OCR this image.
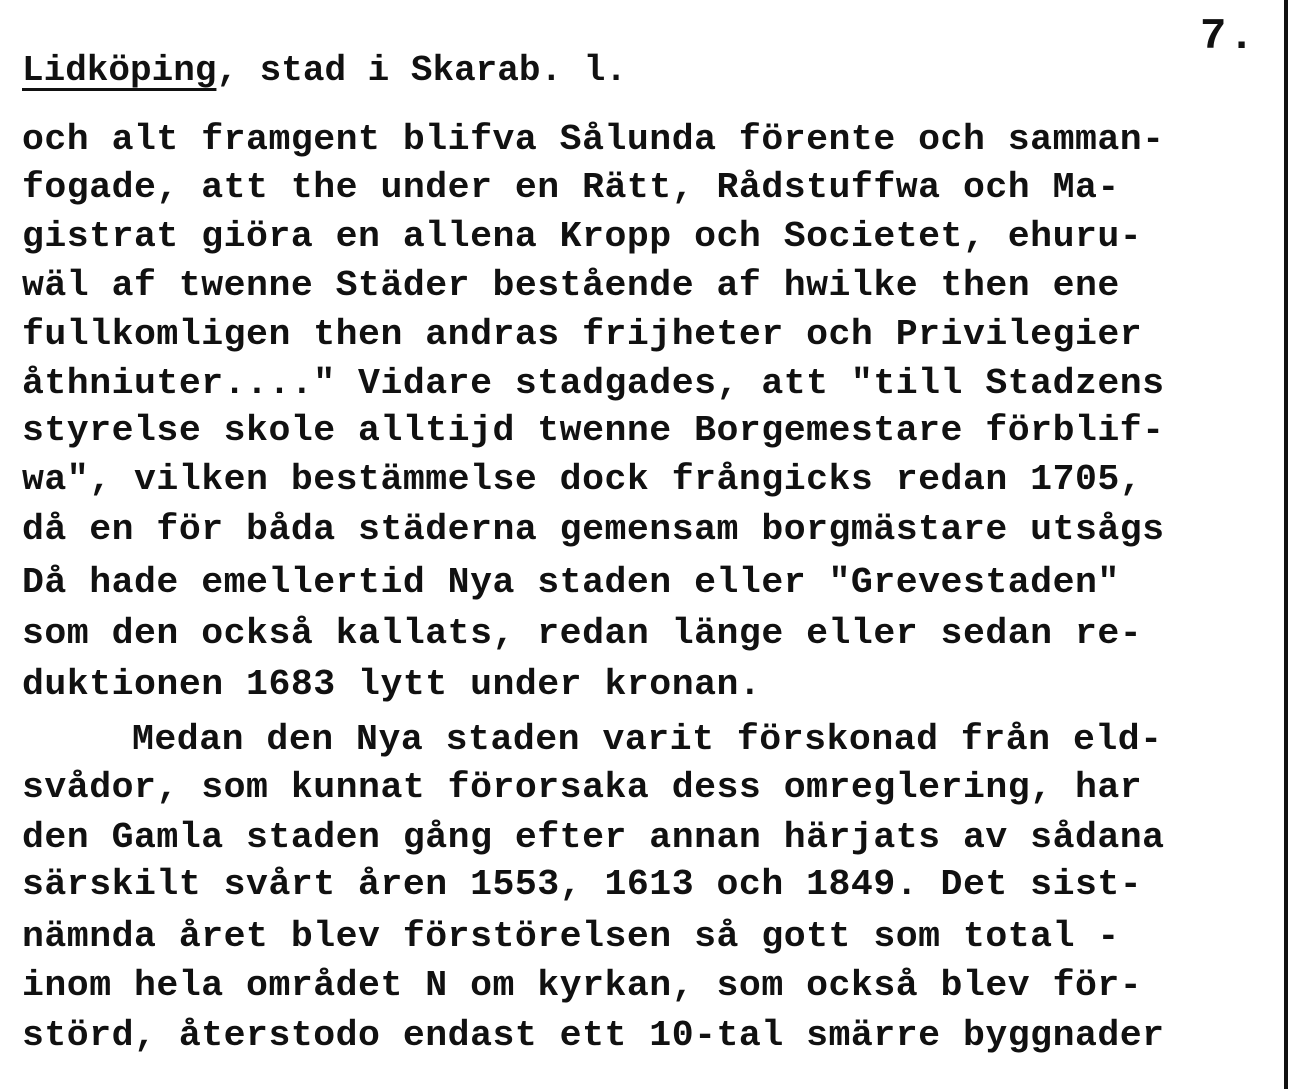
7.
Lidköping, stad i Skarab. l.
och alt framgent blifva Sålunda förente och samman-
fogade, att the under en Rätt, Rådstuffwa och Ma-
gistrat giöra en allena Kropp och Societet, ehuru-
wäl af twenne Städer bestående af hwilke then ene
fullkomligen then andras frijheter och Privilegier
åthniuter...." Vidare stadgades, att "till Stadzens
styrelse skole alltijd twenne Borgemestare förblif-
wa", vilken bestämmelse dock frångicks redan 1705,
då en för båda städerna gemensam borgmästare utsågs
Då hade emellertid Nya staden eller "Grevestaden"
som den också kallats, redan länge eller sedan re-
duktionen 1683 lytt under kronan.
Medan den Nya staden varit förskonad från eld-
svådor, som kunnat förorsaka dess omreglering, har
den Gamla staden gång efter annan härjats av sådana
särskilt svårt åren 1553, 1613 och 1849. Det sist-
nämnda året blev förstörelsen så gott som total -
inom hela området N om kyrkan, som också blev för-
störd, återstodo endast ett 10-tal smärre byggnader
